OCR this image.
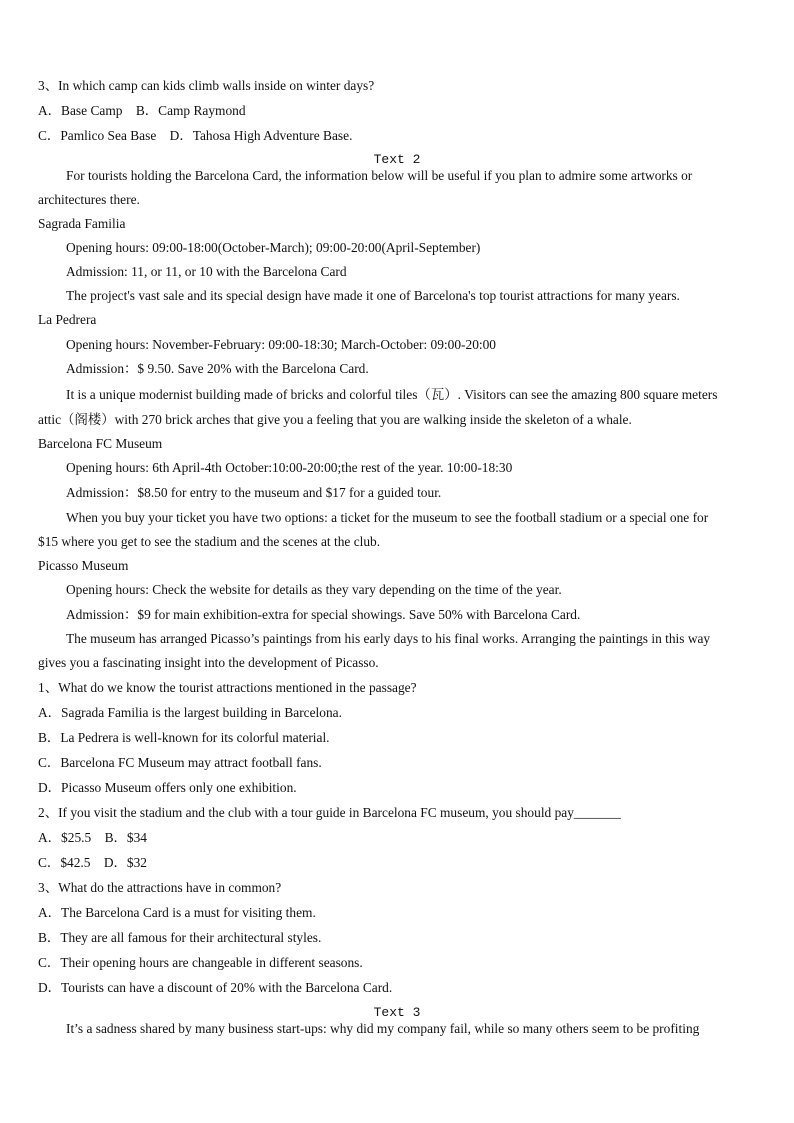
3、In which camp can kids climb walls inside on winter days?
A．Base Camp　B．Camp Raymond
C．Pamlico Sea Base　D．Tahosa High Adventure Base.
Text 2
For tourists holding the Barcelona Card, the information below will be useful if you plan to admire some artworks or
architectures there.
Sagrada Familia
Opening hours: 09:00-18:00(October-March); 09:00-20:00(April-September)
Admission: 11, or 11, or 10 with the Barcelona Card
The project's vast sale and its special design have made it one of Barcelona's top tourist attractions for many years.
La Pedrera
Opening hours: November-February: 09:00-18:30; March-October: 09:00-20:00
Admission：$ 9.50. Save 20% with the Barcelona Card.
It is a unique modernist building made of bricks and colorful tiles（瓦）. Visitors can see the amazing 800 square meters
attic（阁楼）with 270 brick arches that give you a feeling that you are walking inside the skeleton of a whale.
Barcelona FC Museum
Opening hours: 6th April-4th October:10:00-20:00;the rest of the year. 10:00-18:30
Admission：$8.50 for entry to the museum and $17 for a guided tour.
When you buy your ticket you have two options: a ticket for the museum to see the football stadium or a special one for
$15 where you get to see the stadium and the scenes at the club.
Picasso Museum
Opening hours: Check the website for details as they vary depending on the time of the year.
Admission：$9 for main exhibition-extra for special showings. Save 50% with Barcelona Card.
The museum has arranged Picasso’s paintings from his early days to his final works. Arranging the paintings in this way
gives you a fascinating insight into the development of Picasso.
1、What do we know the tourist attractions mentioned in the passage?
A．Sagrada Familia is the largest building in Barcelona.
B．La Pedrera is well-known for its colorful material.
C．Barcelona FC Museum may attract football fans.
D．Picasso Museum offers only one exhibition.
2、If you visit the stadium and the club with a tour guide in Barcelona FC museum, you should pay_______
A．$25.5　B．$34
C．$42.5　D．$32
3、What do the attractions have in common?
A．The Barcelona Card is a must for visiting them.
B．They are all famous for their architectural styles.
C．Their opening hours are changeable in different seasons.
D．Tourists can have a discount of 20% with the Barcelona Card.
Text 3
It’s a sadness shared by many business start-ups: why did my company fail, while so many others seem to be profiting
